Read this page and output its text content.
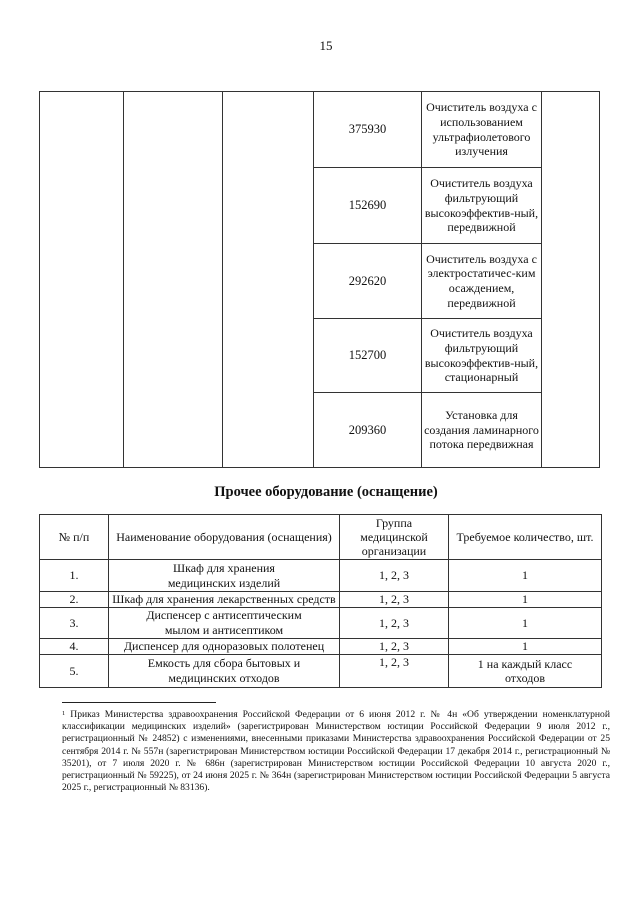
15
			375930	Очиститель воздуха с использованием ультрафиолетового излучения	
			152690	Очиститель воздуха фильтрующий высокоэффектив-ный, передвижной	
			292620	Очиститель воздуха с электростатичес-ким осаждением, передвижной	
			152700	Очиститель воздуха фильтрующий высокоэффектив-ный, стационарный	
			209360	Установка для создания ламинарного потока передвижная	
Прочее оборудование (оснащение)
№ п/п	Наименование оборудования (оснащения)	Группа медицинской организации	Требуемое количество, шт.
1.	Шкаф для хранения медицинских изделий	1, 2, 3	1
2.	Шкаф для хранения лекарственных средств	1, 2, 3	1
3.	Диспенсер с антисептическим мылом и антисептиком	1, 2, 3	1
4.	Диспенсер для одноразовых полотенец	1, 2, 3	1
5.	Емкость для сбора бытовых и медицинских отходов	1, 2, 3	1 на каждый класс отходов
$^1$ Приказ Министерства здравоохранения Российской Федерации от 6 июня 2012 г. № 4н «Об утверждении номенклатурной классификации медицинских изделий» (зарегистрирован Министерством юстиции Российской Федерации 9 июля 2012 г., регистрационный № 24852) с изменениями, внесенными приказами Министерства здравоохранения Российской Федерации от 25 сентября 2014 г. № 557н (зарегистрирован Министерством юстиции Российской Федерации 17 декабря 2014 г., регистрационный № 35201), от 7 июля 2020 г. № 686н (зарегистрирован Министерством юстиции Российской Федерации 10 августа 2020 г., регистрационный № 59225), от 24 июня 2025 г. № 364н (зарегистрирован Министерством юстиции Российской Федерации 5 августа 2025 г., регистрационный № 83136).
